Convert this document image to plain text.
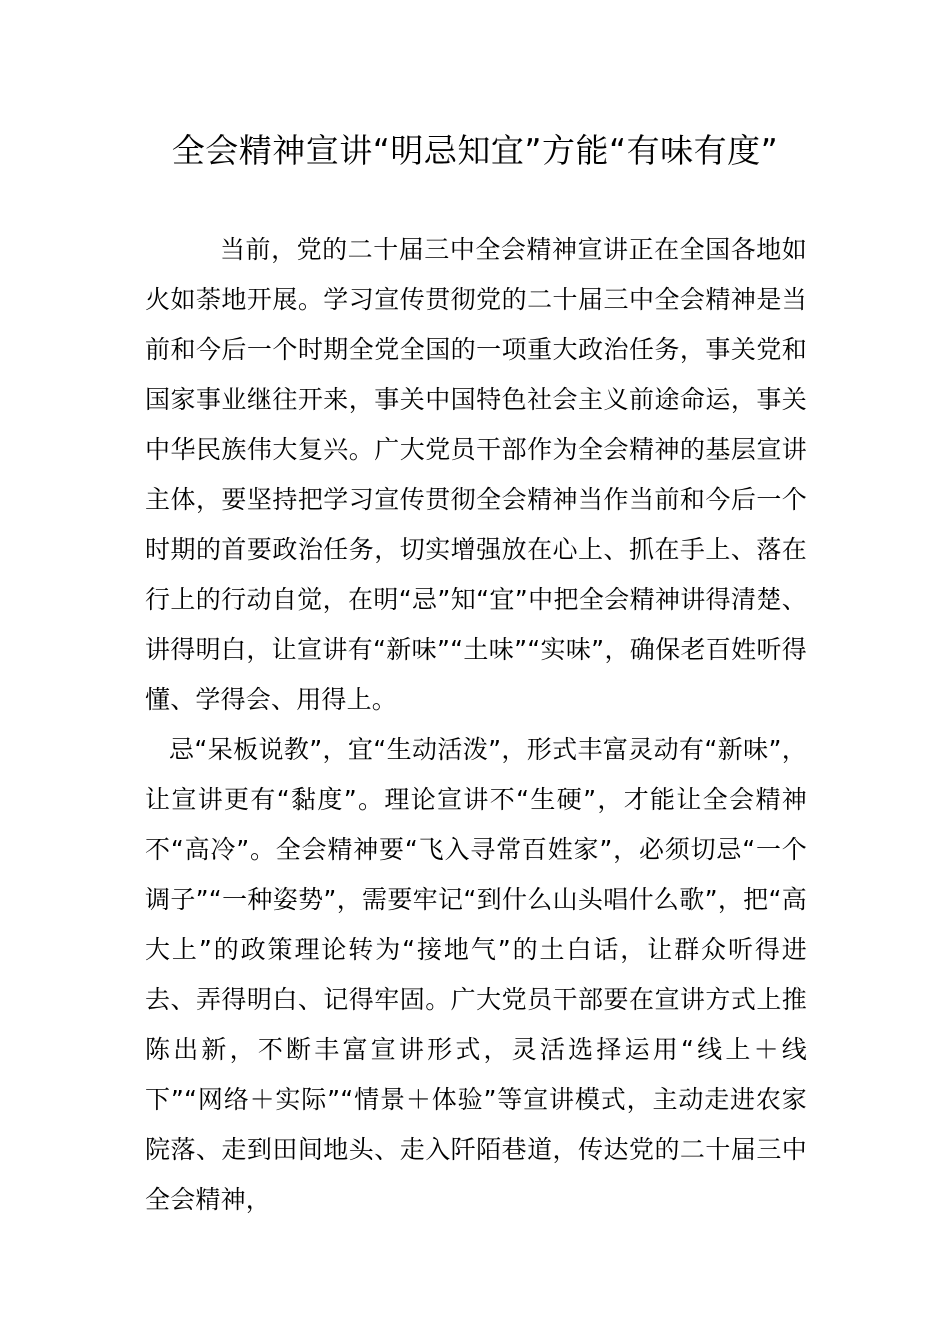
全会精神宣讲“明忌知宜”方能“有味有度”

当前，党的二十届三中全会精神宣讲正在全国各地如火如荼地开展。学习宣传贯彻党的二十届三中全会精神是当前和今后一个时期全党全国的一项重大政治任务，事关党和国家事业继往开来，事关中国特色社会主义前途命运，事关中华民族伟大复兴。广大党员干部作为全会精神的基层宣讲主体，要坚持把学习宣传贯彻全会精神当作当前和今后一个时期的首要政治任务，切实增强放在心上、抓在手上、落在行上的行动自觉，在明“忌”知“宜”中把全会精神讲得清楚、讲得明白，让宣讲有“新味”“土味”“实味”，确保老百姓听得懂、学得会、用得上。

忌“呆板说教”，宜“生动活泼”，形式丰富灵动有“新味”，让宣讲更有“黏度”。理论宣讲不“生硬”，才能让全会精神不“高冷”。全会精神要“飞入寻常百姓家”，必须切忌“一个调子”“一种姿势”，需要牢记“到什么山头唱什么歌”，把“高大上”的政策理论转为“接地气”的土白话，让群众听得进去、弄得明白、记得牢固。广大党员干部要在宣讲方式上推陈出新，不断丰富宣讲形式，灵活选择运用“线上＋线下”“网络＋实际”“情景＋体验”等宣讲模式，主动走进农家院落、走到田间地头、走入阡陌巷道，传达党的二十届三中全会精神，
